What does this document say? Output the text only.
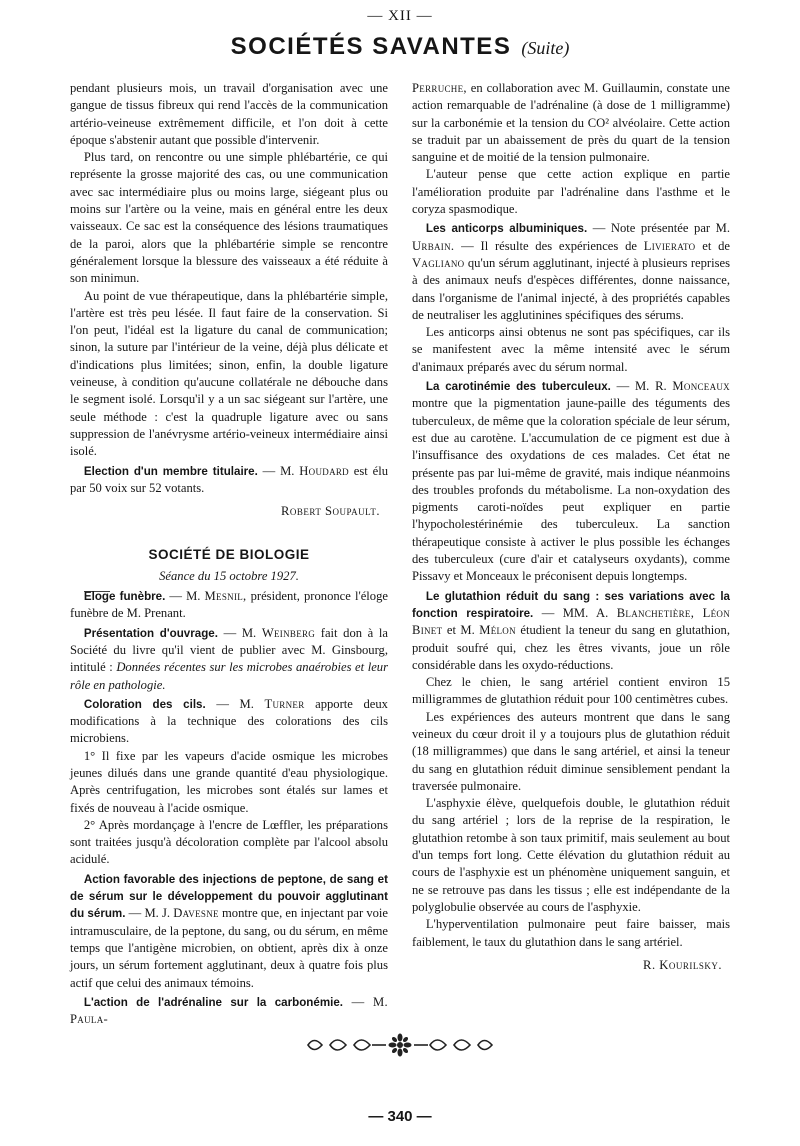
— XII —
SOCIÉTÉS SAVANTES (Suite)

pendant plusieurs mois, un travail d'organisation avec une gangue de tissus fibreux qui rend l'accès de la communication artério-veineuse extrêmement difficile, et l'on doit à cette époque s'abstenir autant que possible d'intervenir.

Plus tard, on rencontre ou une simple phlébartérie, ce qui représente la grosse majorité des cas, ou une communication avec sac intermédiaire plus ou moins large, siégeant plus ou moins sur l'artère ou la veine, mais en général entre les deux vaisseaux. Ce sac est la conséquence des lésions traumatiques de la paroi, alors que la phlébartérie simple se rencontre généralement lorsque la blessure des vaisseaux a été réduite à son minimun.

Au point de vue thérapeutique, dans la phlébartérie simple, l'artère est très peu lésée. Il faut faire de la conservation. Si l'on peut, l'idéal est la ligature du canal de communication; sinon, la suture par l'intérieur de la veine, déjà plus délicate et d'indications plus limitées; sinon, enfin, la double ligature veineuse, à condition qu'aucune collatérale ne débouche dans le segment isolé. Lorsqu'il y a un sac siégeant sur l'artère, une seule méthode : c'est la quadruple ligature avec ou sans suppression de l'anévrysme artério-veineux intermédiaire ainsi isolé.

Election d'un membre titulaire. — M. Houdard est élu par 50 voix sur 52 votants.

Robert Soupault.
SOCIÉTÉ DE BIOLOGIE
Séance du 15 octobre 1927.

Eloge funèbre. — M. Mesnil, président, prononce l'éloge funèbre de M. Prenant.

Présentation d'ouvrage. — M. Weinberg fait don à la Société du livre qu'il vient de publier avec M. Ginsbourg, intitulé : Données récentes sur les microbes anaérobies et leur rôle en pathologie.

Coloration des cils. — M. Turner apporte deux modifications à la technique des colorations des cils microbiens.

1° Il fixe par les vapeurs d'acide osmique les microbes jeunes dilués dans une grande quantité d'eau physiologique. Après centrifugation, les microbes sont étalés sur lames et fixés de nouveau à l'acide osmique.

2° Après mordançage à l'encre de Lœffler, les préparations sont traitées jusqu'à décoloration complète par l'alcool absolu acidulé.

Action favorable des injections de peptone, de sang et de sérum sur le développement du pouvoir agglutinant du sérum. — M. J. Davesne montre que, en injectant par voie intramusculaire, de la peptone, du sang, ou du sérum, en même temps que l'antigène microbien, on obtient, après dix à onze jours, un sérum fortement agglutinant, deux à quatre fois plus actif que celui des animaux témoins.

L'action de l'adrénaline sur la carbonémie. — M. Paula-

Perruche, en collaboration avec M. Guillaumin, constate une action remarquable de l'adrénaline (à dose de 1 milligramme) sur la carbonémie et la tension du CO² alvéolaire. Cette action se traduit par un abaissement de près du quart de la tension sanguine et de moitié de la tension pulmonaire.

L'auteur pense que cette action explique en partie l'amélioration produite par l'adrénaline dans l'asthme et le coryza spasmodique.

Les anticorps albuminiques. — Note présentée par M. Urbain. — Il résulte des expériences de Livierato et de Vagliano qu'un sérum agglutinant, injecté à plusieurs reprises à des animaux neufs d'espèces différentes, donne naissance, dans l'organisme de l'animal injecté, à des propriétés capables de neutraliser les agglutinines spécifiques des sérums.

Les anticorps ainsi obtenus ne sont pas spécifiques, car ils se manifestent avec la même intensité avec le sérum d'animaux préparés avec du sérum normal.

La carotinémie des tuberculeux. — M. R. Monceaux montre que la pigmentation jaune-paille des téguments des tuberculeux, de même que la coloration spéciale de leur sérum, est due au carotène. L'accumulation de ce pigment est due à l'insuffisance des oxydations de ces malades. Cet état ne présente pas par lui-même de gravité, mais indique néanmoins des troubles profonds du métabolisme. La non-oxydation des pigments caroti-noïdes peut expliquer en partie l'hypocholestérinémie des tuberculeux. La sanction thérapeutique consiste à activer le plus possible les échanges des tuberculeux (cure d'air et catalyseurs oxydants), comme Pissavy et Monceaux le préconisent depuis longtemps.

Le glutathion réduit du sang : ses variations avec la fonction respiratoire. — MM. A. Blanchetière, Léon Binet et M. Mélon étudient la teneur du sang en glutathion, produit soufré qui, chez les êtres vivants, joue un rôle considérable dans les oxydo-réductions.

Chez le chien, le sang artériel contient environ 15 milligrammes de glutathion réduit pour 100 centimètres cubes.

Les expériences des auteurs montrent que dans le sang veineux du cœur droit il y a toujours plus de glutathion réduit (18 milligrammes) que dans le sang artériel, et ainsi la teneur du sang en glutathion réduit diminue sensiblement pendant la traversée pulmonaire.

L'asphyxie élève, quelquefois double, le glutathion réduit du sang artériel ; lors de la reprise de la respiration, le glutathion retombe à son taux primitif, mais seulement au bout d'un temps fort long. Cette élévation du glutathion réduit au cours de l'asphyxie est un phénomène uniquement sanguin, et ne se retrouve pas dans les tissus ; elle est indépendante de la polyglobulie observée au cours de l'asphyxie.

L'hyperventilation pulmonaire peut faire baisser, mais faiblement, le taux du glutathion dans le sang artériel.

R. Kourilsky.
— 340 —
